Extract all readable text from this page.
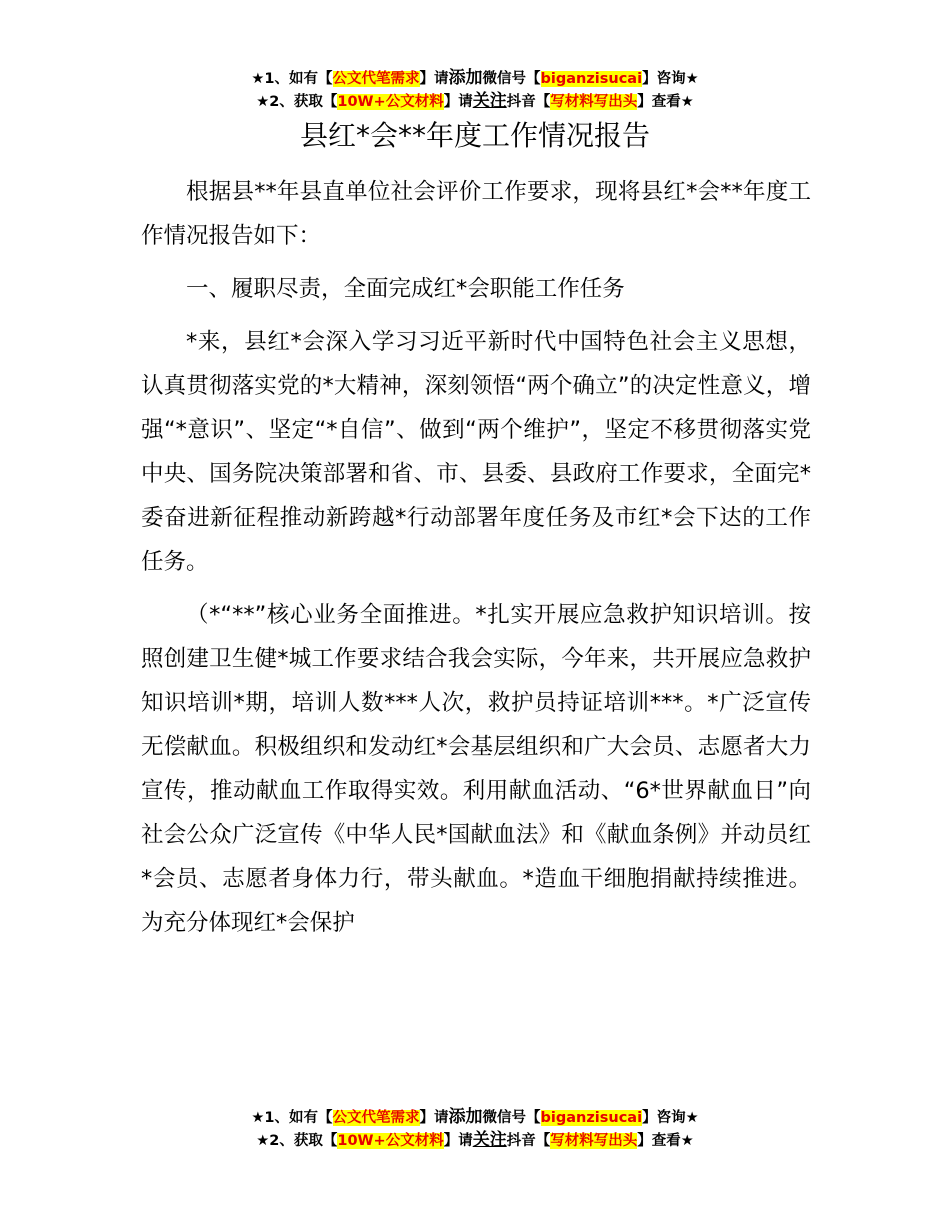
★1、如有【公文代笔需求】请添加微信号【biganzisucai】咨询★
★2、获取【10W+公文材料】请关注抖音【写材料写出头】查看★
县红*会**年度工作情况报告

根据县**年县直单位社会评价工作要求，现将县红*会**年度工作情况报告如下：

一、履职尽责，全面完成红*会职能工作任务

*来，县红*会深入学习习近平新时代中国特色社会主义思想，认真贯彻落实党的*大精神，深刻领悟“两个确立”的决定性意义，增强“*意识”、坚定“*自信”、做到“两个维护”，坚定不移贯彻落实党中央、国务院决策部署和省、市、县委、县政府工作要求，全面完*委奋进新征程推动新跨越*行动部署年度任务及市红*会下达的工作任务。

（*“**”核心业务全面推进。*扎实开展应急救护知识培训。按照创建卫生健*城工作要求结合我会实际，今年来，共开展应急救护知识培训*期，培训人数***人次，救护员持证培训***。*广泛宣传无偿献血。积极组织和发动红*会基层组织和广大会员、志愿者大力宣传，推动献血工作取得实效。利用献血活动、“6*世界献血日”向社会公众广泛宣传《中华人民*国献血法》和《献血条例》并动员红*会员、志愿者身体力行，带头献血。*造血干细胞捐献持续推进。为充分体现红*会保护

★1、如有【公文代笔需求】请添加微信号【biganzisucai】咨询★
★2、获取【10W+公文材料】请关注抖音【写材料写出头】查看★
